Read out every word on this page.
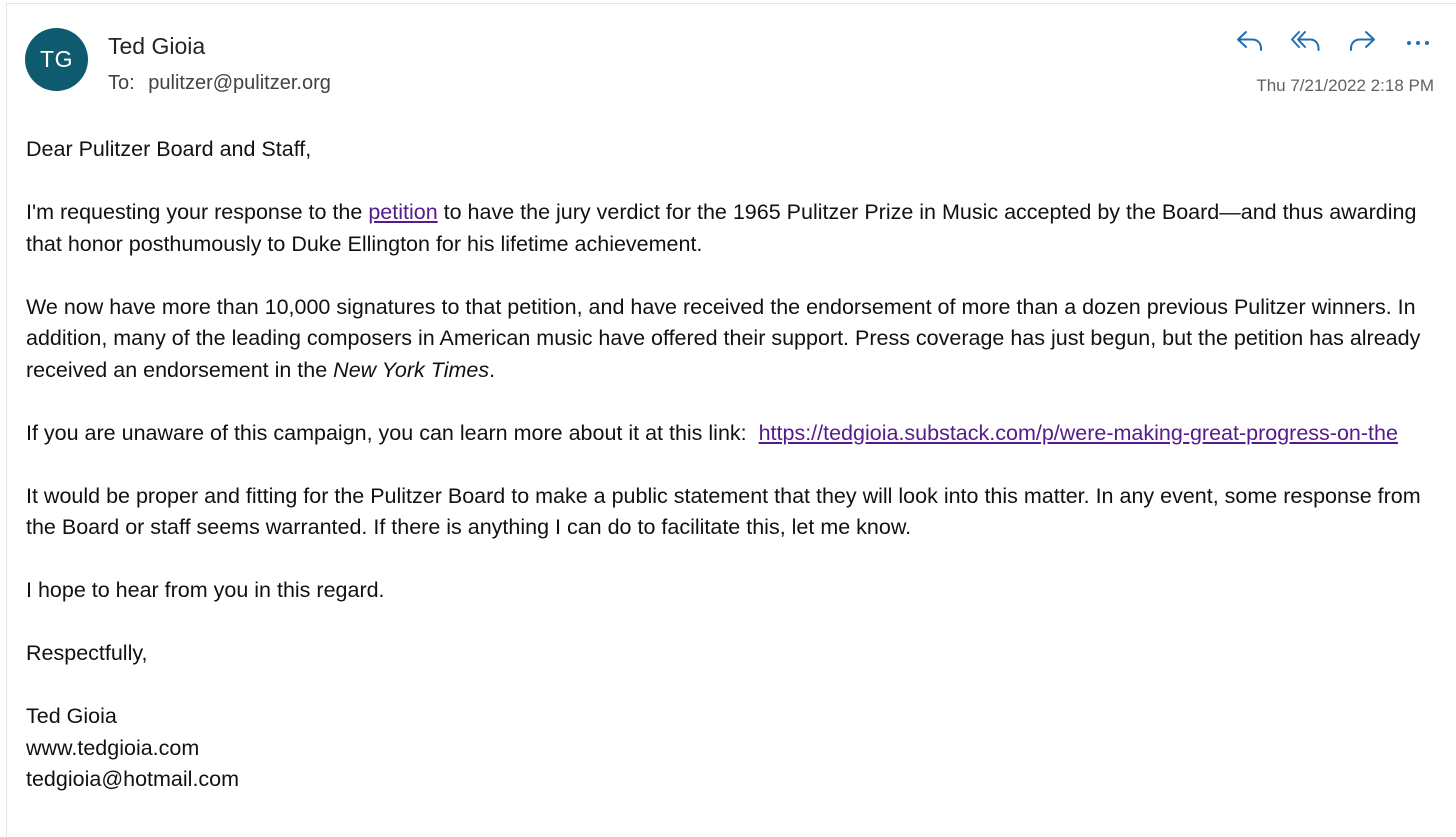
TG	Ted Gioia
To: pulitzer@pulitzer.org	Thu 7/21/2022 2:18 PM

Dear Pulitzer Board and Staff,

I'm requesting your response to the petition to have the jury verdict for the 1965 Pulitzer Prize in Music accepted by the Board—and thus awarding that honor posthumously to Duke Ellington for his lifetime achievement.

We now have more than 10,000 signatures to that petition, and have received the endorsement of more than a dozen previous Pulitzer winners. In addition, many of the leading composers in American music have offered their support. Press coverage has just begun, but the petition has already received an endorsement in the New York Times.

If you are unaware of this campaign, you can learn more about it at this link:  https://tedgioia.substack.com/p/were-making-great-progress-on-the

It would be proper and fitting for the Pulitzer Board to make a public statement that they will look into this matter. In any event, some response from the Board or staff seems warranted. If there is anything I can do to facilitate this, let me know.

I hope to hear from you in this regard.

Respectfully,

Ted Gioia

www.tedgioia.com

tedgioia@hotmail.com
